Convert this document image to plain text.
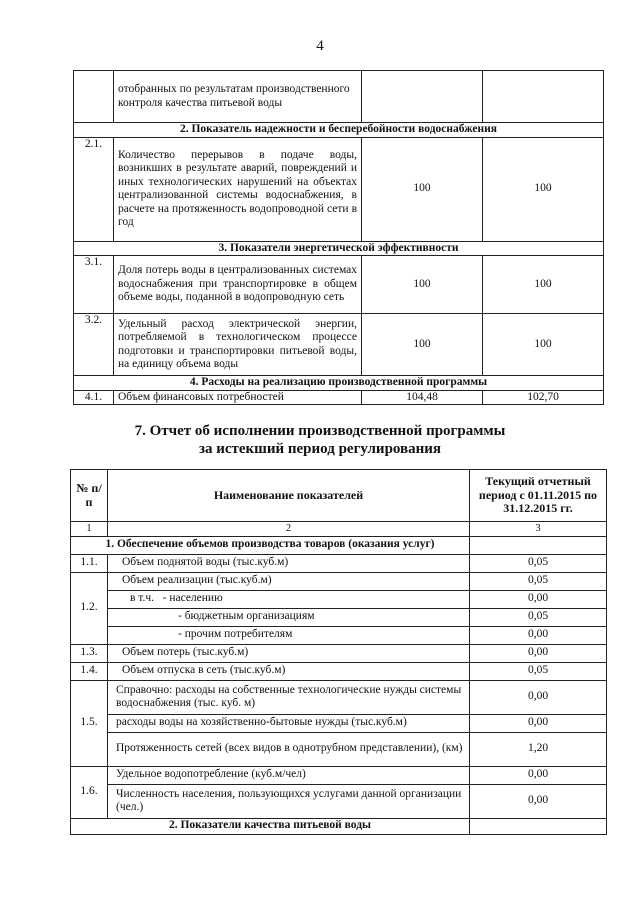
4
	отобранных по результатам производственного контроля качества питьевой воды		
2. Показатель надежности и бесперебойности водоснабжения			
2.1.	Количество перерывов в подаче воды, возникших в результате аварий, повреждений и иных технологических нарушений на объектах централизованной системы водоснабжения, в расчете на протяженность водопроводной сети в год	100	100
3. Показатели энергетической эффективности			
3.1.	Доля потерь воды в централизованных системах водоснабжения при транспортировке в общем объеме воды, поданной в водопроводную сеть	100	100
3.2.	Удельный расход электрической энергии, потребляемой в технологическом процессе подготовки и транспортировки питьевой воды, на единицу объема воды	100	100
4. Расходы на реализацию производственной программы			
4.1.	Объем финансовых потребностей	104,48	102,70
7. Отчет об исполнении производственной программы
за истекший период регулирования
№ п/п	Наименование показателей	Текущий отчетный период с 01.11.2015 по 31.12.2015 гг.
1	2	3
1. Обеспечение объемов производства товаров (оказания услуг)		
1.1.	Объем поднятой воды (тыс.куб.м)	0,05
1.2.	Объем реализации (тыс.куб.м)	0,05
	в т.ч.   - населению	0,00
	- бюджетным организациям	0,05
	- прочим потребителям	0,00
1.3.	Объем потерь (тыс.куб.м)	0,00
1.4.	Объем отпуска в сеть (тыс.куб.м)	0,05
1.5.	Справочно: расходы на собственные технологические нужды системы водоснабжения (тыс. куб. м)	0,00
	расходы воды на хозяйственно-бытовые нужды (тыс.куб.м)	0,00
	Протяженность сетей (всех видов в однотрубном представлении), (км)	1,20
1.6.	Удельное водопотребление (куб.м/чел)	0,00
	Численность населения, пользующихся услугами данной организации (чел.)	0,00
2. Показатели качества питьевой воды		
